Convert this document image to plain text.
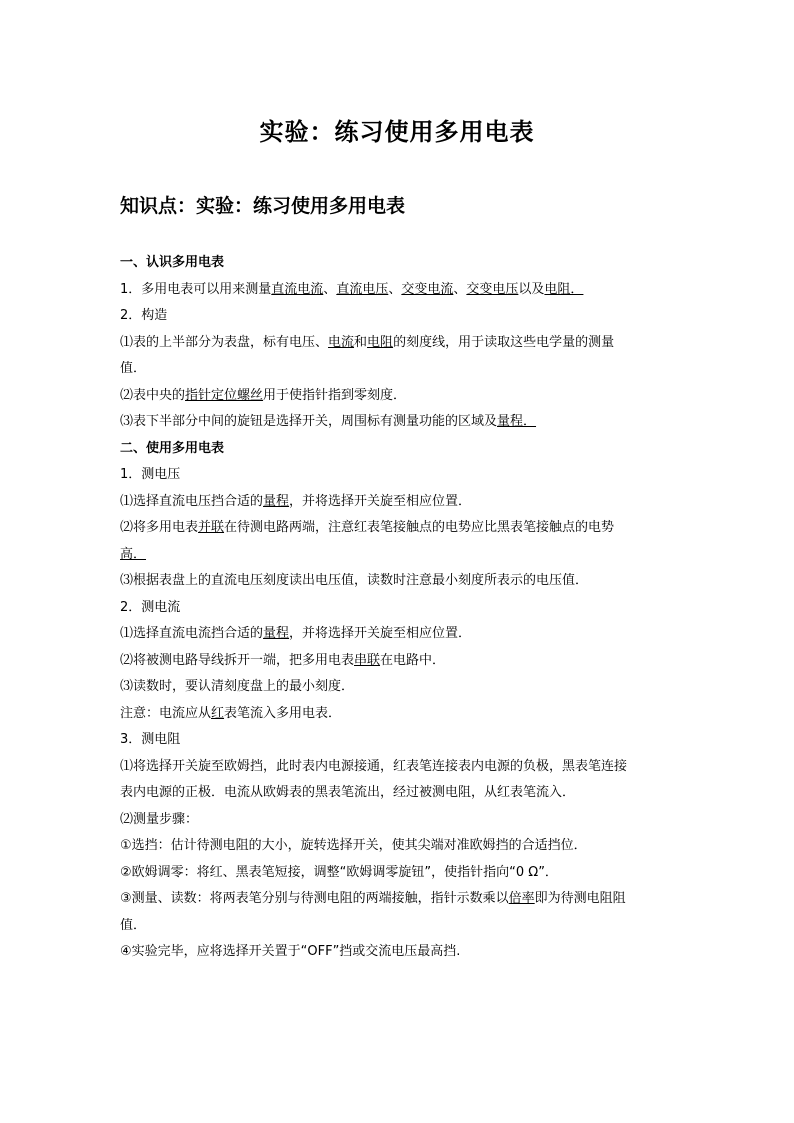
实验：练习使用多用电表
知识点：实验：练习使用多用电表
一、认识多用电表
1．多用电表可以用来测量直流电流、直流电压、交变电流、交变电压以及电阻．
2．构造
⑴表的上半部分为表盘，标有电压、电流和电阻的刻度线，用于读取这些电学量的测量
值．
⑵表中央的指针定位螺丝用于使指针指到零刻度．
⑶表下半部分中间的旋钮是选择开关，周围标有测量功能的区域及量程．
二、使用多用电表
1．测电压
⑴选择直流电压挡合适的量程，并将选择开关旋至相应位置．
⑵将多用电表并联在待测电路两端，注意红表笔接触点的电势应比黑表笔接触点的电势
高．
⑶根据表盘上的直流电压刻度读出电压值，读数时注意最小刻度所表示的电压值．
2．测电流
⑴选择直流电流挡合适的量程，并将选择开关旋至相应位置．
⑵将被测电路导线拆开一端，把多用电表串联在电路中．
⑶读数时，要认清刻度盘上的最小刻度．
注意：电流应从红表笔流入多用电表．
3．测电阻
⑴将选择开关旋至欧姆挡，此时表内电源接通，红表笔连接表内电源的负极，黑表笔连接
表内电源的正极．电流从欧姆表的黑表笔流出，经过被测电阻，从红表笔流入．
⑵测量步骤：
①选挡：估计待测电阻的大小，旋转选择开关，使其尖端对准欧姆挡的合适挡位．
②欧姆调零：将红、黑表笔短接，调整“欧姆调零旋钮”，使指针指向“0 Ω”．
③测量、读数：将两表笔分别与待测电阻的两端接触，指针示数乘以倍率即为待测电阻阻
值．
④实验完毕，应将选择开关置于“OFF”挡或交流电压最高挡.
